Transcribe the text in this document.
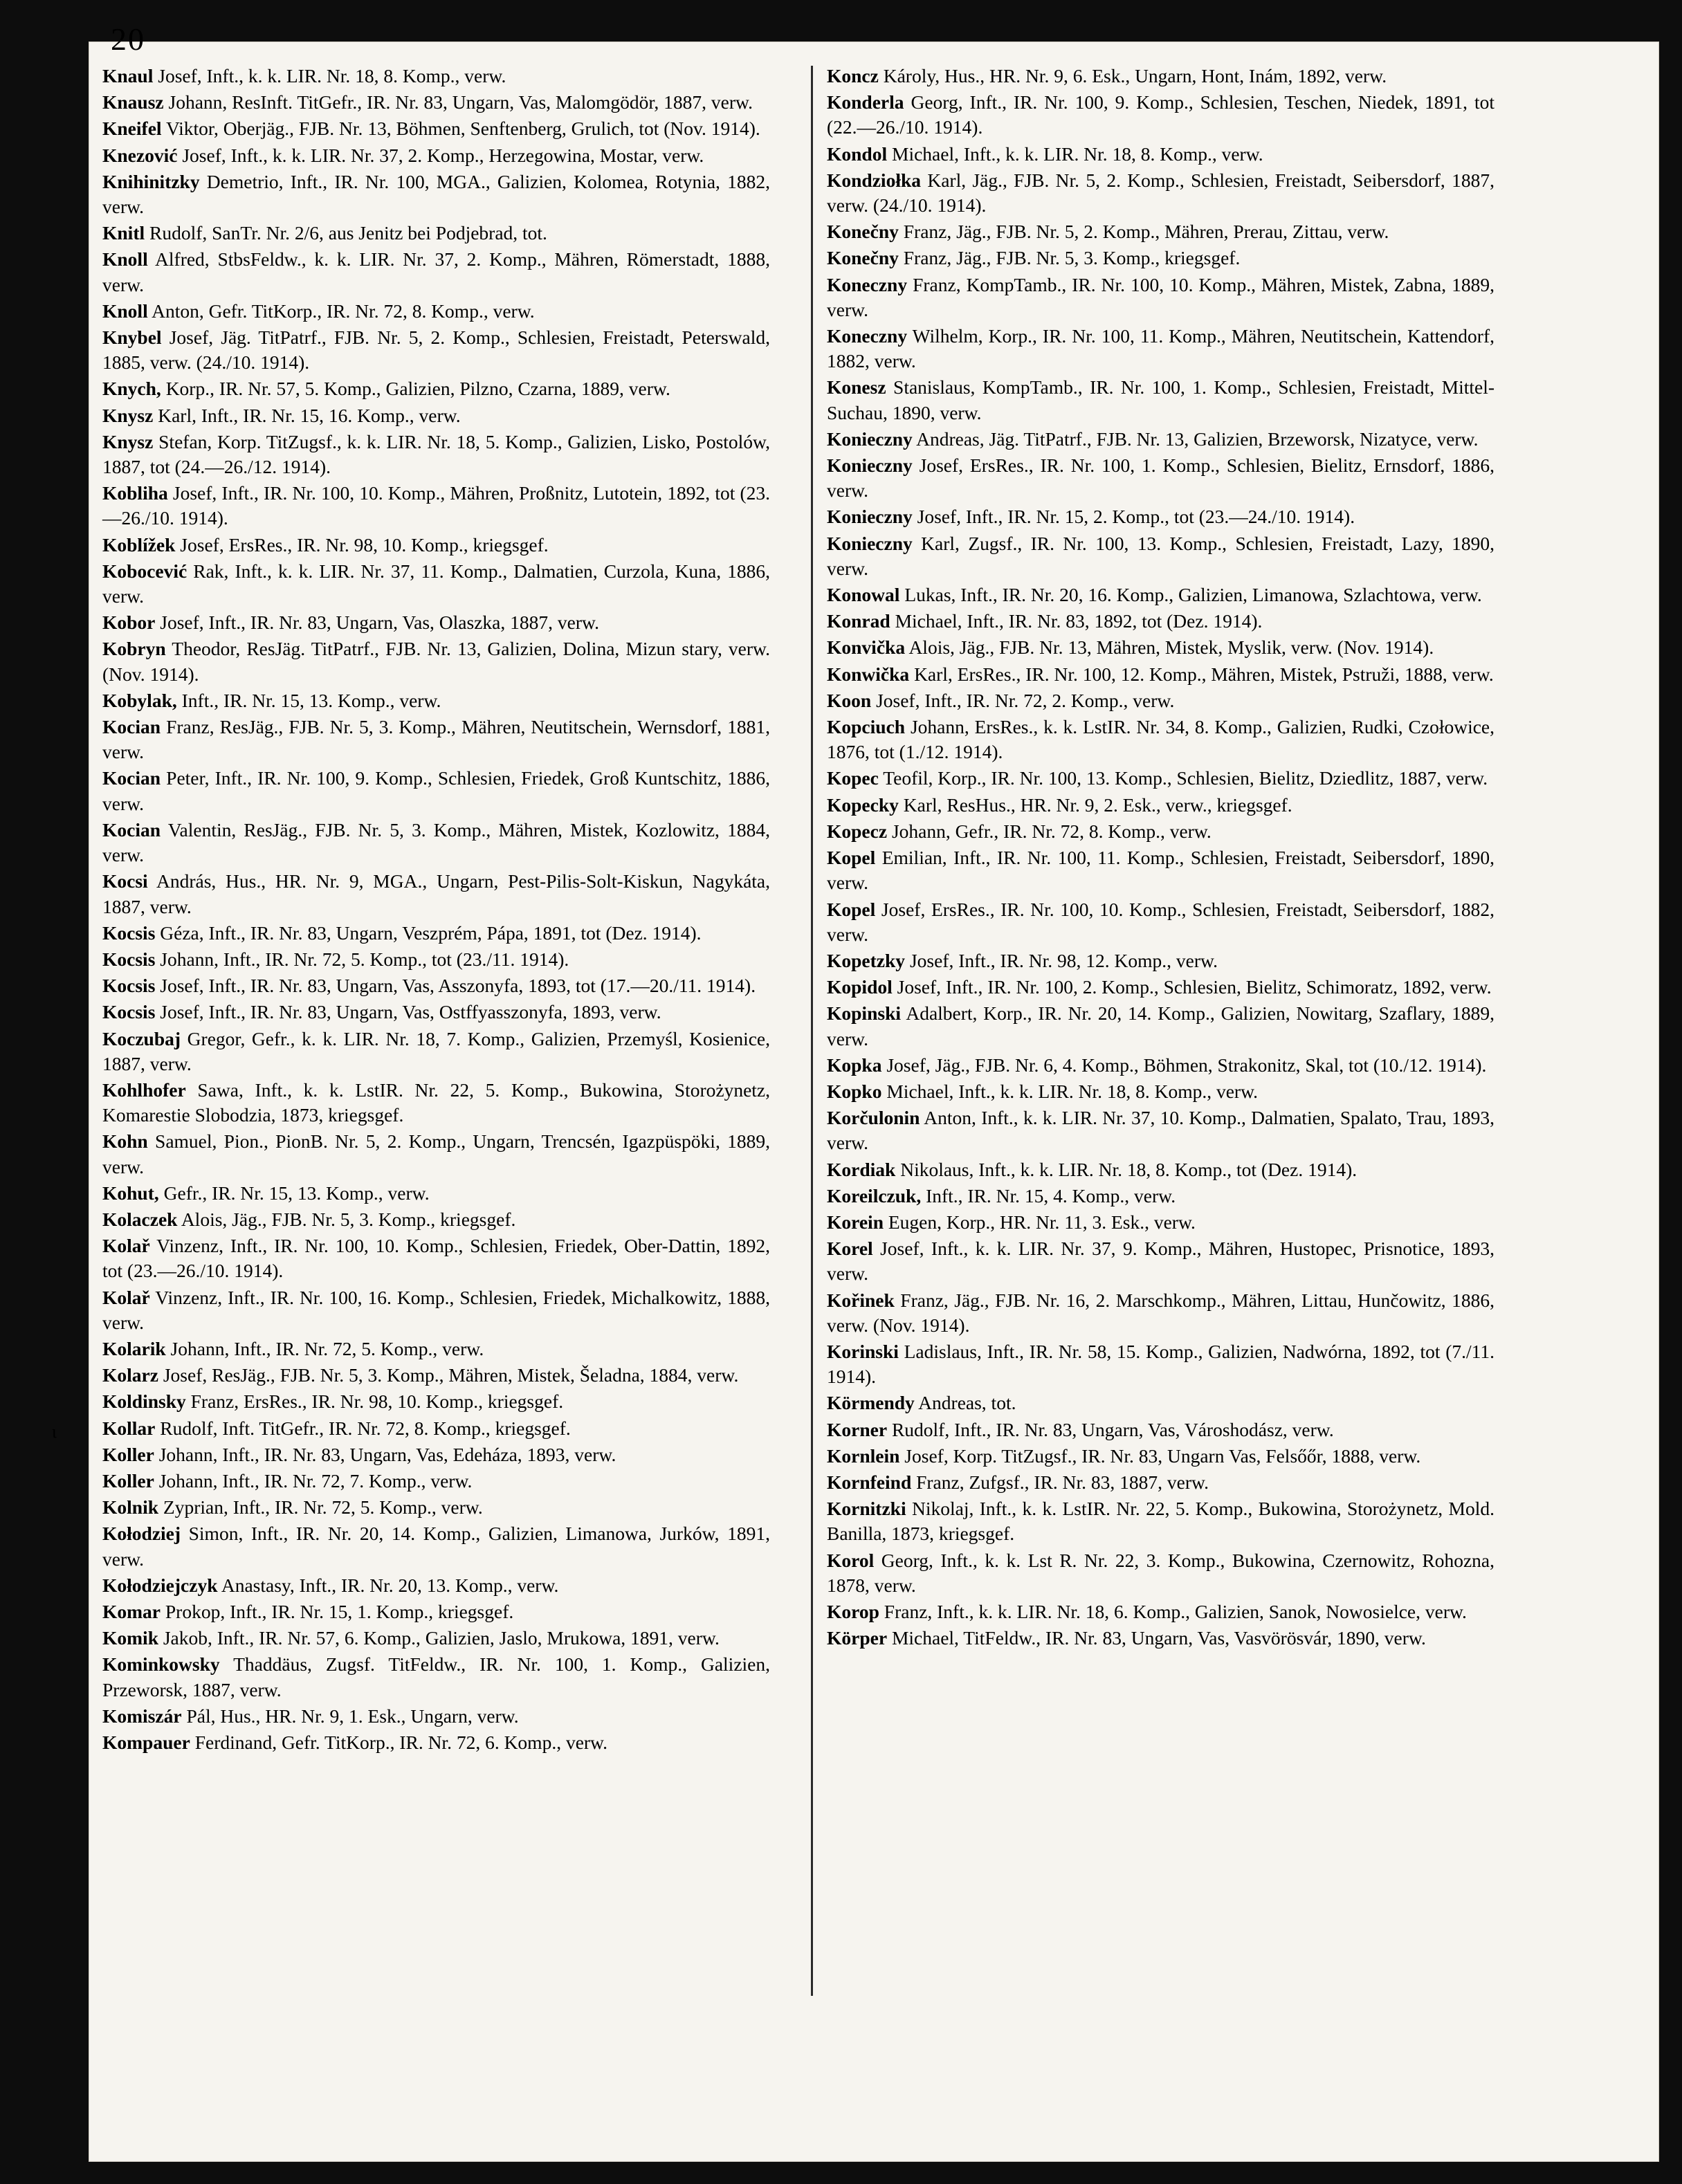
20
Knaul Josef, Inft., k. k. LIR. Nr. 18, 8. Komp., verw.
Knausz Johann, ResInft. TitGefr., IR. Nr. 83, Ungarn, Vas, Malomgödör, 1887, verw.
Kneifel Viktor, Oberjäg., FJB. Nr. 13, Böhmen, Senftenberg, Grulich, tot (Nov. 1914).
Knezović Josef, Inft., k. k. LIR. Nr. 37, 2. Komp., Herzegowina, Mostar, verw.
Knihinitzky Demetrio, Inft., IR. Nr. 100, MGA., Galizien, Kolomea, Rotynia, 1882, verw.
Knitl Rudolf, SanTr. Nr. 2/6, aus Jenitz bei Podjebrad, tot.
Knoll Alfred, StbsFeldw., k. k. LIR. Nr. 37, 2. Komp., Mähren, Römerstadt, 1888, verw.
Knoll Anton, Gefr. TitKorp., IR. Nr. 72, 8. Komp., verw.
Knybel Josef, Jäg. TitPatrf., FJB. Nr. 5, 2. Komp., Schlesien, Freistadt, Peterswald, 1885, verw. (24./10. 1914).
Knych, Korp., IR. Nr. 57, 5. Komp., Galizien, Pilzno, Czarna, 1889, verw.
Knysz Karl, Inft., IR. Nr. 15, 16. Komp., verw.
Knysz Stefan, Korp. TitZugsf., k. k. LIR. Nr. 18, 5. Komp., Galizien, Lisko, Postolów, 1887, tot (24.—26./12. 1914).
Kobliha Josef, Inft., IR. Nr. 100, 10. Komp., Mähren, Proßnitz, Lutotein, 1892, tot (23.—26./10. 1914).
Koblížek Josef, ErsRes., IR. Nr. 98, 10. Komp., kriegsgef.
Kobocević Rak, Inft., k. k. LIR. Nr. 37, 11. Komp., Dalmatien, Curzola, Kuna, 1886, verw.
Kobor Josef, Inft., IR. Nr. 83, Ungarn, Vas, Olaszka, 1887, verw.
Kobryn Theodor, ResJäg. TitPatrf., FJB. Nr. 13, Galizien, Dolina, Mizun stary, verw. (Nov. 1914).
Kobylak, Inft., IR. Nr. 15, 13. Komp., verw.
Kocian Franz, ResJäg., FJB. Nr. 5, 3. Komp., Mähren, Neutitschein, Wernsdorf, 1881, verw.
Kocian Peter, Inft., IR. Nr. 100, 9. Komp., Schlesien, Friedek, Groß Kuntschitz, 1886, verw.
Kocian Valentin, ResJäg., FJB. Nr. 5, 3. Komp., Mähren, Mistek, Kozlowitz, 1884, verw.
Kocsi András, Hus., HR. Nr. 9, MGA., Ungarn, Pest-Pilis-Solt-Kiskun, Nagykáta, 1887, verw.
Kocsis Géza, Inft., IR. Nr. 83, Ungarn, Veszprém, Pápa, 1891, tot (Dez. 1914).
Kocsis Johann, Inft., IR. Nr. 72, 5. Komp., tot (23./11. 1914).
Kocsis Josef, Inft., IR. Nr. 83, Ungarn, Vas, Asszonyfa, 1893, tot (17.—20./11. 1914).
Kocsis Josef, Inft., IR. Nr. 83, Ungarn, Vas, Ostffyasszonyfa, 1893, verw.
Koczubaj Gregor, Gefr., k. k. LIR. Nr. 18, 7. Komp., Galizien, Przemyśl, Kosienice, 1887, verw.
Kohlhofer Sawa, Inft., k. k. LstIR. Nr. 22, 5. Komp., Bukowina, Storożynetz, Komarestie Slobodzia, 1873, kriegsgef.
Kohn Samuel, Pion., PionB. Nr. 5, 2. Komp., Ungarn, Trencsén, Igazpüspöki, 1889, verw.
Kohut, Gefr., IR. Nr. 15, 13. Komp., verw.
Kolaczek Alois, Jäg., FJB. Nr. 5, 3. Komp., kriegsgef.
Kolař Vinzenz, Inft., IR. Nr. 100, 10. Komp., Schlesien, Friedek, Ober-Dattin, 1892, tot (23.—26./10. 1914).
Kolař Vinzenz, Inft., IR. Nr. 100, 16. Komp., Schlesien, Friedek, Michalkowitz, 1888, verw.
Kolarik Johann, Inft., IR. Nr. 72, 5. Komp., verw.
Kolarz Josef, ResJäg., FJB. Nr. 5, 3. Komp., Mähren, Mistek, Šeladna, 1884, verw.
Koldinsky Franz, ErsRes., IR. Nr. 98, 10. Komp., kriegsgef.
Kollar Rudolf, Inft. TitGefr., IR. Nr. 72, 8. Komp., kriegsgef.
Koller Johann, Inft., IR. Nr. 83, Ungarn, Vas, Edeháza, 1893, verw.
Koller Johann, Inft., IR. Nr. 72, 7. Komp., verw.
Kolnik Zyprian, Inft., IR. Nr. 72, 5. Komp., verw.
Kołodziej Simon, Inft., IR. Nr. 20, 14. Komp., Galizien, Limanowa, Jurków, 1891, verw.
Kołodziejczyk Anastasy, Inft., IR. Nr. 20, 13. Komp., verw.
Komar Prokop, Inft., IR. Nr. 15, 1. Komp., kriegsgef.
Komik Jakob, Inft., IR. Nr. 57, 6. Komp., Galizien, Jaslo, Mrukowa, 1891, verw.
Kominkowsky Thaddäus, Zugsf. TitFeldw., IR. Nr. 100, 1. Komp., Galizien, Przeworsk, 1887, verw.
Komiszár Pál, Hus., HR. Nr. 9, 1. Esk., Ungarn, verw.
Kompauer Ferdinand, Gefr. TitKorp., IR. Nr. 72, 6. Komp., verw.
Koncz Károly, Hus., HR. Nr. 9, 6. Esk., Ungarn, Hont, Inám, 1892, verw.
Konderla Georg, Inft., IR. Nr. 100, 9. Komp., Schlesien, Teschen, Niedek, 1891, tot (22.—26./10. 1914).
Kondol Michael, Inft., k. k. LIR. Nr. 18, 8. Komp., verw.
Kondziołka Karl, Jäg., FJB. Nr. 5, 2. Komp., Schlesien, Freistadt, Seibersdorf, 1887, verw. (24./10. 1914).
Konečny Franz, Jäg., FJB. Nr. 5, 2. Komp., Mähren, Prerau, Zittau, verw.
Konečny Franz, Jäg., FJB. Nr. 5, 3. Komp., kriegsgef.
Koneczny Franz, KompTamb., IR. Nr. 100, 10. Komp., Mähren, Mistek, Zabna, 1889, verw.
Koneczny Wilhelm, Korp., IR. Nr. 100, 11. Komp., Mähren, Neutitschein, Kattendorf, 1882, verw.
Konesz Stanislaus, KompTamb., IR. Nr. 100, 1. Komp., Schlesien, Freistadt, Mittel-Suchau, 1890, verw.
Konieczny Andreas, Jäg. TitPatrf., FJB. Nr. 13, Galizien, Brzeworsk, Nizatyce, verw.
Konieczny Josef, ErsRes., IR. Nr. 100, 1. Komp., Schlesien, Bielitz, Ernsdorf, 1886, verw.
Konieczny Josef, Inft., IR. Nr. 15, 2. Komp., tot (23.—24./10. 1914).
Konieczny Karl, Zugsf., IR. Nr. 100, 13. Komp., Schlesien, Freistadt, Lazy, 1890, verw.
Konowal Lukas, Inft., IR. Nr. 20, 16. Komp., Galizien, Limanowa, Szlachtowa, verw.
Konrad Michael, Inft., IR. Nr. 83, 1892, tot (Dez. 1914).
Konvička Alois, Jäg., FJB. Nr. 13, Mähren, Mistek, Myslik, verw. (Nov. 1914).
Konwička Karl, ErsRes., IR. Nr. 100, 12. Komp., Mähren, Mistek, Pstruži, 1888, verw.
Koon Josef, Inft., IR. Nr. 72, 2. Komp., verw.
Kopciuch Johann, ErsRes., k. k. LstIR. Nr. 34, 8. Komp., Galizien, Rudki, Czołowice, 1876, tot (1./12. 1914).
Kopec Teofil, Korp., IR. Nr. 100, 13. Komp., Schlesien, Bielitz, Dziedlitz, 1887, verw.
Kopecky Karl, ResHus., HR. Nr. 9, 2. Esk., verw., kriegsgef.
Kopecz Johann, Gefr., IR. Nr. 72, 8. Komp., verw.
Kopel Emilian, Inft., IR. Nr. 100, 11. Komp., Schlesien, Freistadt, Seibersdorf, 1890, verw.
Kopel Josef, ErsRes., IR. Nr. 100, 10. Komp., Schlesien, Freistadt, Seibersdorf, 1882, verw.
Kopetzky Josef, Inft., IR. Nr. 98, 12. Komp., verw.
Kopidol Josef, Inft., IR. Nr. 100, 2. Komp., Schlesien, Bielitz, Schimoratz, 1892, verw.
Kopinski Adalbert, Korp., IR. Nr. 20, 14. Komp., Galizien, Nowitarg, Szaflary, 1889, verw.
Kopka Josef, Jäg., FJB. Nr. 6, 4. Komp., Böhmen, Strakonitz, Skal, tot (10./12. 1914).
Kopko Michael, Inft., k. k. LIR. Nr. 18, 8. Komp., verw.
Korčulonin Anton, Inft., k. k. LIR. Nr. 37, 10. Komp., Dalmatien, Spalato, Trau, 1893, verw.
Kordiak Nikolaus, Inft., k. k. LIR. Nr. 18, 8. Komp., tot (Dez. 1914).
Koreilczuk, Inft., IR. Nr. 15, 4. Komp., verw.
Korein Eugen, Korp., HR. Nr. 11, 3. Esk., verw.
Korel Josef, Inft., k. k. LIR. Nr. 37, 9. Komp., Mähren, Hustopec, Prisnotice, 1893, verw.
Kořinek Franz, Jäg., FJB. Nr. 16, 2. Marschkomp., Mähren, Littau, Hunčowitz, 1886, verw. (Nov. 1914).
Korinski Ladislaus, Inft., IR. Nr. 58, 15. Komp., Galizien, Nadwórna, 1892, tot (7./11. 1914).
Körmendy Andreas, tot.
Korner Rudolf, Inft., IR. Nr. 83, Ungarn, Vas, Városhodász, verw.
Kornlein Josef, Korp. TitZugsf., IR. Nr. 83, Ungarn Vas, Felsőőr, 1888, verw.
Kornfeind Franz, Zufgsf., IR. Nr. 83, 1887, verw.
Kornitzki Nikolaj, Inft., k. k. LstIR. Nr. 22, 5. Komp., Bukowina, Storożynetz, Mold. Banilla, 1873, kriegsgef.
Korol Georg, Inft., k. k. Lst R. Nr. 22, 3. Komp., Bukowina, Czernowitz, Rohozna, 1878, verw.
Korop Franz, Inft., k. k. LIR. Nr. 18, 6. Komp., Galizien, Sanok, Nowosielce, verw.
Körper Michael, TitFeldw., IR. Nr. 83, Ungarn, Vas, Vasvörösvár, 1890, verw.
ι
